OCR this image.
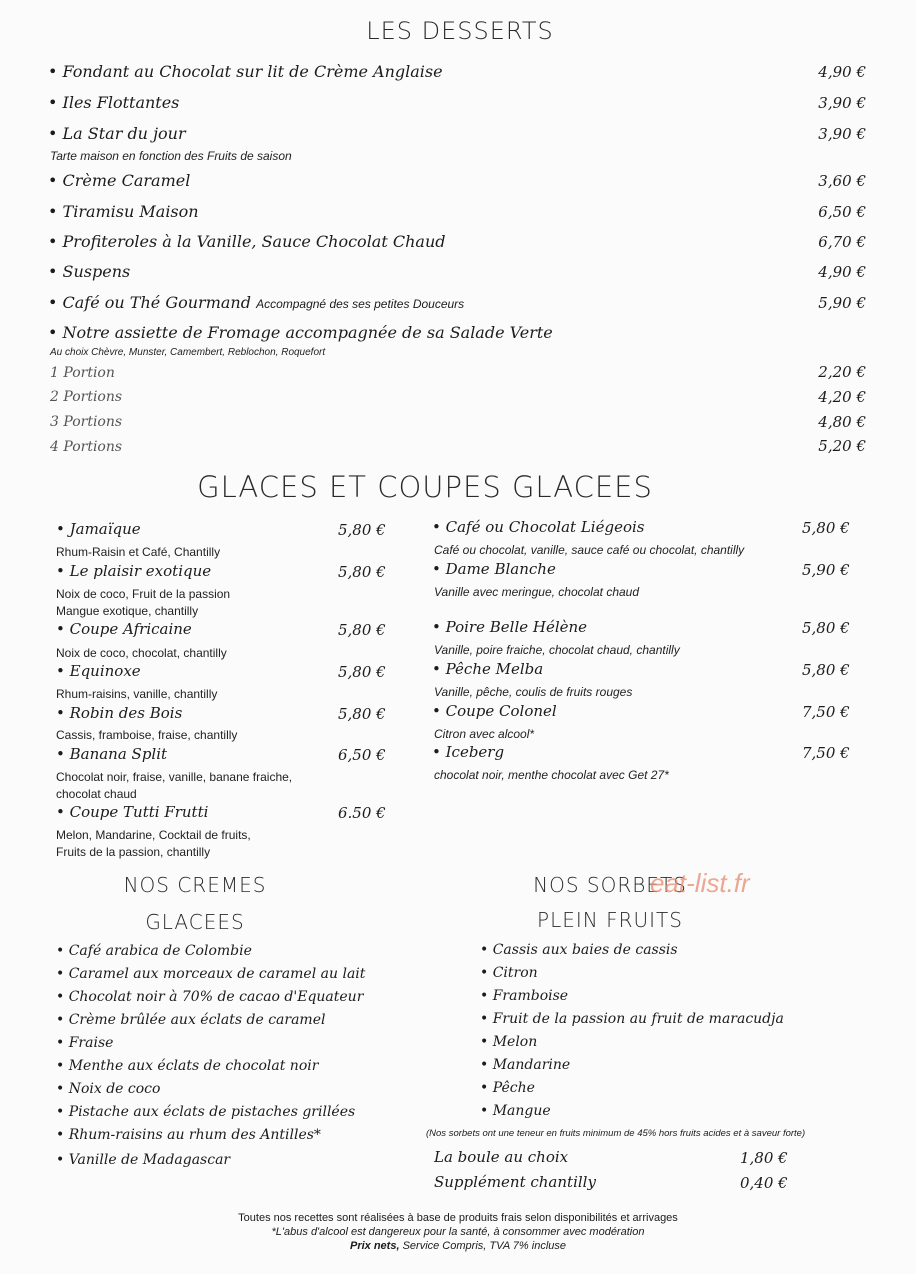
LES DESSERTS
• Fondant au Chocolat sur lit de Crème Anglaise	4,90 €
• Iles Flottantes	3,90 €
• La Star du jour	3,90 €
Tarte maison en fonction des Fruits de saison
• Crème Caramel	3,60 €
• Tiramisu Maison	6,50 €
• Profiteroles à la Vanille, Sauce Chocolat Chaud	6,70 €
• Suspens	4,90 €
• Café ou Thé Gourmand Accompagné des ses petites Douceurs	5,90 €
• Notre assiette de Fromage accompagnée de sa Salade Verte
Au choix Chèvre, Munster, Camembert, Reblochon, Roquefort
1 Portion	2,20 €
2 Portions	4,20 €
3 Portions	4,80 €
4 Portions	5,20 €
GLACES ET COUPES GLACEES
• Jamaïque	5,80 €
Rhum-Raisin et Café, Chantilly
• Le plaisir exotique	5,80 €
Noix de coco, Fruit de la passion
Mangue exotique, chantilly
• Coupe Africaine	5,80 €
Noix de coco, chocolat, chantilly
• Equinoxe	5,80 €
Rhum-raisins, vanille, chantilly
• Robin des Bois	5,80 €
Cassis, framboise, fraise, chantilly
• Banana Split	6,50 €
Chocolat noir, fraise, vanille, banane fraiche,
chocolat chaud
• Coupe Tutti Frutti	6.50 €
Melon, Mandarine, Cocktail de fruits,
Fruits de la passion, chantilly
• Café ou Chocolat Liégeois	5,80 €
Café ou chocolat, vanille, sauce café ou chocolat, chantilly
• Dame Blanche	5,90 €
Vanille avec meringue, chocolat chaud
• Poire Belle Hélène	5,80 €
Vanille, poire fraiche, chocolat chaud, chantilly
• Pêche Melba	5,80 €
Vanille, pêche, coulis de fruits rouges
• Coupe Colonel	7,50 €
Citron avec alcool*
• Iceberg	7,50 €
chocolat noir, menthe chocolat avec Get 27*
NOS CREMES
GLACEES
• Café arabica de Colombie
• Caramel aux morceaux de caramel au lait
• Chocolat noir à 70% de cacao d'Equateur
• Crème brûlée aux éclats de caramel
• Fraise
• Menthe aux éclats de chocolat noir
• Noix de coco
• Pistache aux éclats de pistaches grillées
• Rhum-raisins au rhum des Antilles*
• Vanille de Madagascar
NOS SORBETS
PLEIN FRUITS
eat-list.fr
• Cassis aux baies de cassis
• Citron
• Framboise
• Fruit de la passion au fruit de maracudja
• Melon
• Mandarine
• Pêche
• Mangue
(Nos sorbets ont une teneur en fruits minimum de 45% hors fruits acides et à saveur forte)
La boule au choix	1,80 €
Supplément chantilly	0,40 €
Toutes nos recettes sont réalisées à base de produits frais selon disponibilités et arrivages
*L'abus d'alcool est dangereux pour la santé, à consommer avec modération
Prix nets, Service Compris, TVA 7% incluse
